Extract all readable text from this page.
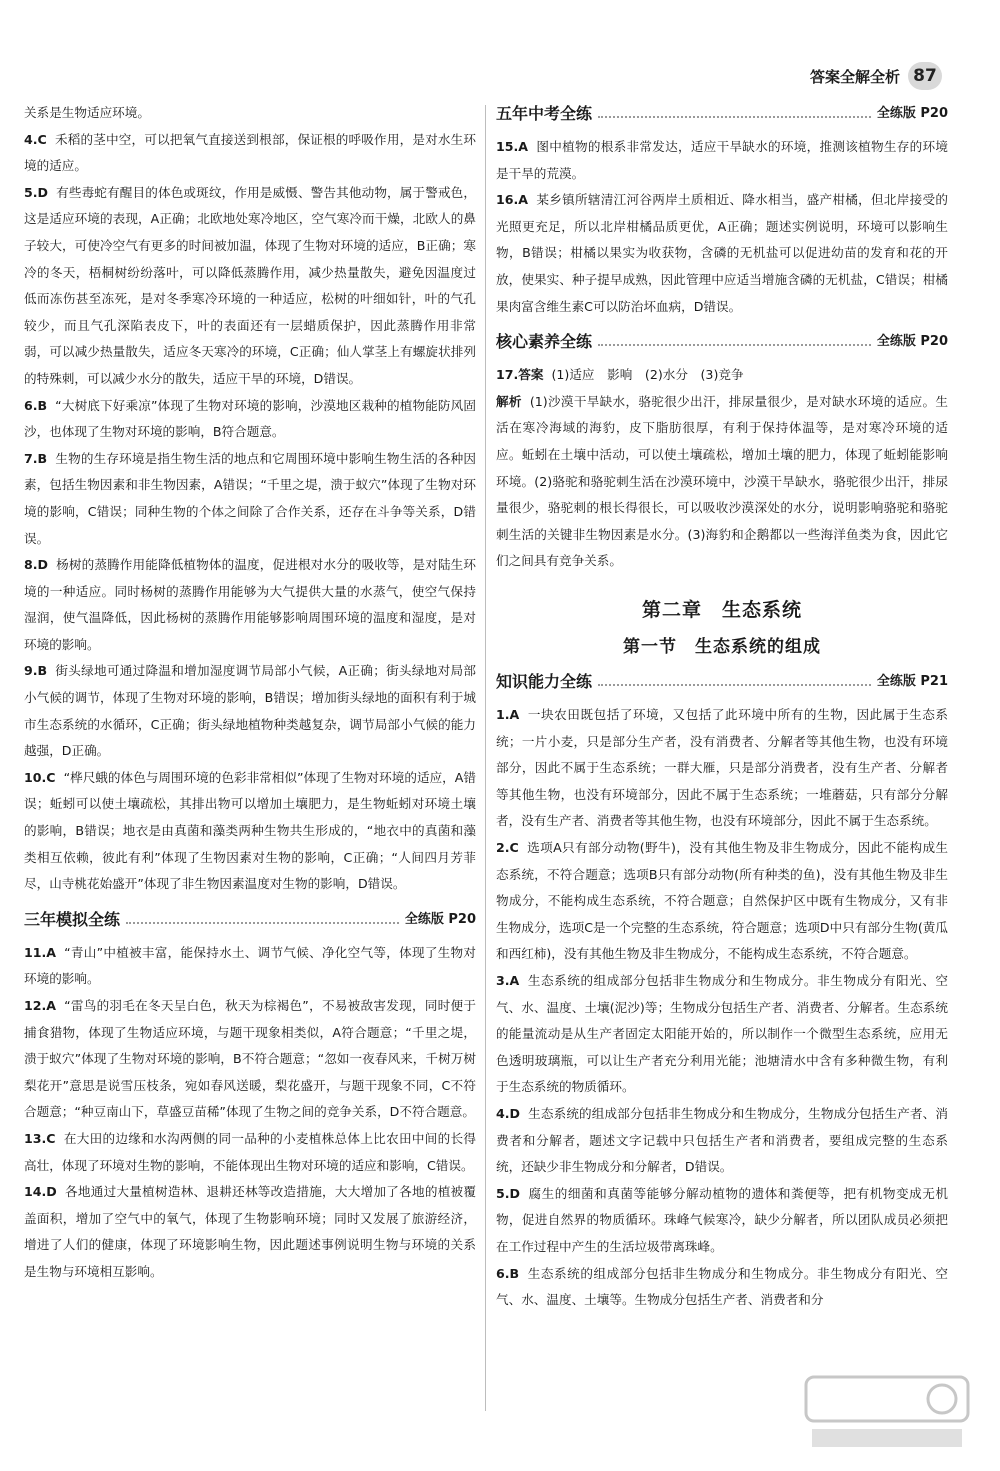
答案全解全析 87
关系是生物适应环境。
4.C 禾稻的茎中空，可以把氧气直接送到根部，保证根的呼吸作用，是对水生环境的适应。
5.D 有些毒蛇有醒目的体色或斑纹，作用是威慑、警告其他动物，属于警戒色，这是适应环境的表现，A正确；北欧地处寒冷地区，空气寒冷而干燥，北欧人的鼻子较大，可使冷空气有更多的时间被加温，体现了生物对环境的适应，B正确；寒冷的冬天，梧桐树纷纷落叶，可以降低蒸腾作用，减少热量散失，避免因温度过低而冻伤甚至冻死，是对冬季寒冷环境的一种适应，松树的叶细如针，叶的气孔较少，而且气孔深陷表皮下，叶的表面还有一层蜡质保护，因此蒸腾作用非常弱，可以减少热量散失，适应冬天寒冷的环境，C正确；仙人掌茎上有螺旋状排列的特殊刺，可以减少水分的散失，适应干旱的环境，D错误。
6.B “大树底下好乘凉”体现了生物对环境的影响，沙漠地区栽种的植物能防风固沙，也体现了生物对环境的影响，B符合题意。
7.B 生物的生存环境是指生物生活的地点和它周围环境中影响生物生活的各种因素，包括生物因素和非生物因素，A错误；“千里之堤，溃于蚁穴”体现了生物对环境的影响，C错误；同种生物的个体之间除了合作关系，还存在斗争等关系，D错误。
8.D 杨树的蒸腾作用能降低植物体的温度，促进根对水分的吸收等，是对陆生环境的一种适应。同时杨树的蒸腾作用能够为大气提供大量的水蒸气，使空气保持湿润，使气温降低，因此杨树的蒸腾作用能够影响周围环境的温度和湿度，是对环境的影响。
9.B 街头绿地可通过降温和增加湿度调节局部小气候，A正确；街头绿地对局部小气候的调节，体现了生物对环境的影响，B错误；增加街头绿地的面积有利于城市生态系统的水循环，C正确；街头绿地植物种类越复杂，调节局部小气候的能力越强，D正确。
10.C “桦尺蛾的体色与周围环境的色彩非常相似”体现了生物对环境的适应，A错误；蚯蚓可以使土壤疏松，其排出物可以增加土壤肥力，是生物蚯蚓对环境土壤的影响，B错误；地衣是由真菌和藻类两种生物共生形成的，“地衣中的真菌和藻类相互依赖，彼此有利”体现了生物因素对生物的影响，C正确；“人间四月芳菲尽，山寺桃花始盛开”体现了非生物因素温度对生物的影响，D错误。
三年模拟全练	全练版 P20
11.A “青山”中植被丰富，能保持水土、调节气候、净化空气等，体现了生物对环境的影响。
12.A “雷鸟的羽毛在冬天呈白色，秋天为棕褐色”，不易被敌害发现，同时便于捕食猎物，体现了生物适应环境，与题干现象相类似，A符合题意；“千里之堤，溃于蚁穴”体现了生物对环境的影响，B不符合题意；“忽如一夜春风来，千树万树梨花开”意思是说雪压枝条，宛如春风送暖，梨花盛开，与题干现象不同，C不符合题意；“种豆南山下，草盛豆苗稀”体现了生物之间的竞争关系，D不符合题意。
13.C 在大田的边缘和水沟两侧的同一品种的小麦植株总体上比农田中间的长得高壮，体现了环境对生物的影响，不能体现出生物对环境的适应和影响，C错误。
14.D 各地通过大量植树造林、退耕还林等改造措施，大大增加了各地的植被覆盖面积，增加了空气中的氧气，体现了生物影响环境；同时又发展了旅游经济，增进了人们的健康，体现了环境影响生物，因此题述事例说明生物与环境的关系是生物与环境相互影响。
五年中考全练	全练版 P20
15.A 图中植物的根系非常发达，适应干旱缺水的环境，推测该植物生存的环境是干旱的荒漠。
16.A 某乡镇所辖清江河谷两岸土质相近、降水相当，盛产柑橘，但北岸接受的光照更充足，所以北岸柑橘品质更优，A正确；题述实例说明，环境可以影响生物，B错误；柑橘以果实为收获物，含磷的无机盐可以促进幼苗的发育和花的开放，使果实、种子提早成熟，因此管理中应适当增施含磷的无机盐，C错误；柑橘果肉富含维生素C可以防治坏血病，D错误。
核心素养全练	全练版 P20
17.答案 (1)适应　影响　(2)水分　(3)竞争
解析 (1)沙漠干旱缺水，骆驼很少出汗，排尿量很少，是对缺水环境的适应。生活在寒冷海域的海豹，皮下脂肪很厚，有利于保持体温等，是对寒冷环境的适应。蚯蚓在土壤中活动，可以使土壤疏松，增加土壤的肥力，体现了蚯蚓能影响环境。(2)骆驼和骆驼刺生活在沙漠环境中，沙漠干旱缺水，骆驼很少出汗，排尿量很少，骆驼刺的根长得很长，可以吸收沙漠深处的水分，说明影响骆驼和骆驼刺生活的关键非生物因素是水分。(3)海豹和企鹅都以一些海洋鱼类为食，因此它们之间具有竞争关系。
第二章　生态系统
第一节　生态系统的组成
知识能力全练	全练版 P21
1.A 一块农田既包括了环境，又包括了此环境中所有的生物，因此属于生态系统；一片小麦，只是部分生产者，没有消费者、分解者等其他生物，也没有环境部分，因此不属于生态系统；一群大雁，只是部分消费者，没有生产者、分解者等其他生物，也没有环境部分，因此不属于生态系统；一堆蘑菇，只有部分分解者，没有生产者、消费者等其他生物，也没有环境部分，因此不属于生态系统。
2.C 选项A只有部分动物(野牛)，没有其他生物及非生物成分，因此不能构成生态系统，不符合题意；选项B只有部分动物(所有种类的鱼)，没有其他生物及非生物成分，不能构成生态系统，不符合题意；自然保护区中既有生物成分，又有非生物成分，选项C是一个完整的生态系统，符合题意；选项D中只有部分生物(黄瓜和西红柿)，没有其他生物及非生物成分，不能构成生态系统，不符合题意。
3.A 生态系统的组成部分包括非生物成分和生物成分。非生物成分有阳光、空气、水、温度、土壤(泥沙)等；生物成分包括生产者、消费者、分解者。生态系统的能量流动是从生产者固定太阳能开始的，所以制作一个微型生态系统，应用无色透明玻璃瓶，可以让生产者充分利用光能；池塘清水中含有多种微生物，有利于生态系统的物质循环。
4.D 生态系统的组成部分包括非生物成分和生物成分，生物成分包括生产者、消费者和分解者，题述文字记载中只包括生产者和消费者，要组成完整的生态系统，还缺少非生物成分和分解者，D错误。
5.D 腐生的细菌和真菌等能够分解动植物的遗体和粪便等，把有机物变成无机物，促进自然界的物质循环。珠峰气候寒冷，缺少分解者，所以团队成员必须把在工作过程中产生的生活垃圾带离珠峰。
6.B 生态系统的组成部分包括非生物成分和生物成分。非生物成分有阳光、空气、水、温度、土壤等。生物成分包括生产者、消费者和分
